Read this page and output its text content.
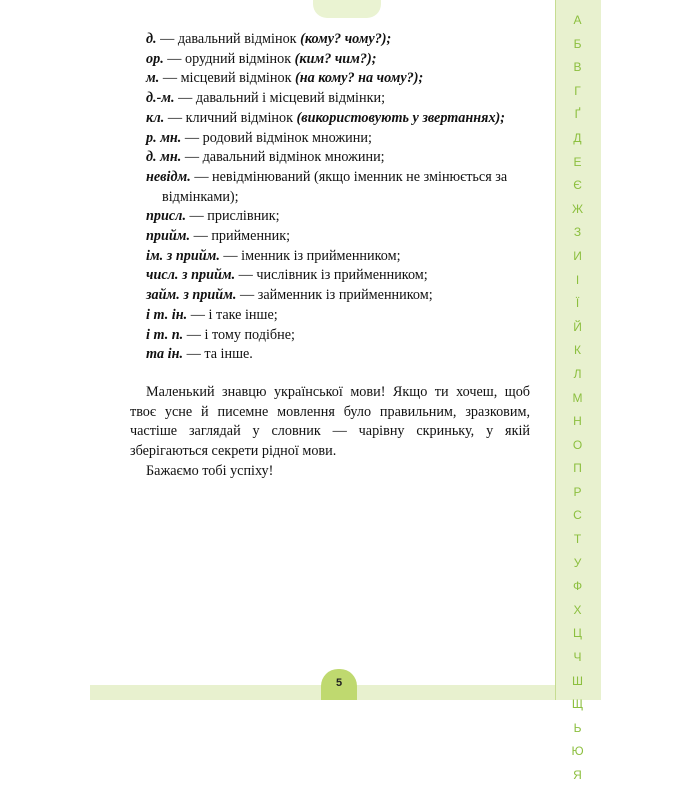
А
Б
В
Г
Ґ
Д
Е
Є
Ж
З
И
І
Ї
Й
К
Л
М
Н
О
П
Р
С
Т
У
Ф
Х
Ц
Ч
Ш
Щ
Ь
Ю
Я
5
д. — давальний відмінок (кому? чому?);
ор. — орудний відмінок (ким? чим?);
м. — місцевий відмінок (на кому? на чому?);
д.-м. — давальний і місцевий відмінки;
кл. — кличний відмінок (використовують у звертаннях);
р. мн. — родовий відмінок множини;
д. мн. — давальний відмінок множини;
невідм. — невідмінюваний (якщо іменник не змінюється за відмінками);
присл. — прислівник;
прийм. — прийменник;
ім. з прийм. — іменник із прийменником;
числ. з прийм. — числівник із прийменником;
займ. з прийм. — займенник із прийменником;
і т. ін. — і таке інше;
і т. п. — і тому подібне;
та ін. — та інше.

Маленький знавцю української мови! Якщо ти хочеш, щоб твоє усне й писемне мовлення було правильним, зразковим, частіше заглядай у словник — чарівну скриньку, у якій зберігаються секрети рідної мови.

Бажаємо тобі успіху!
